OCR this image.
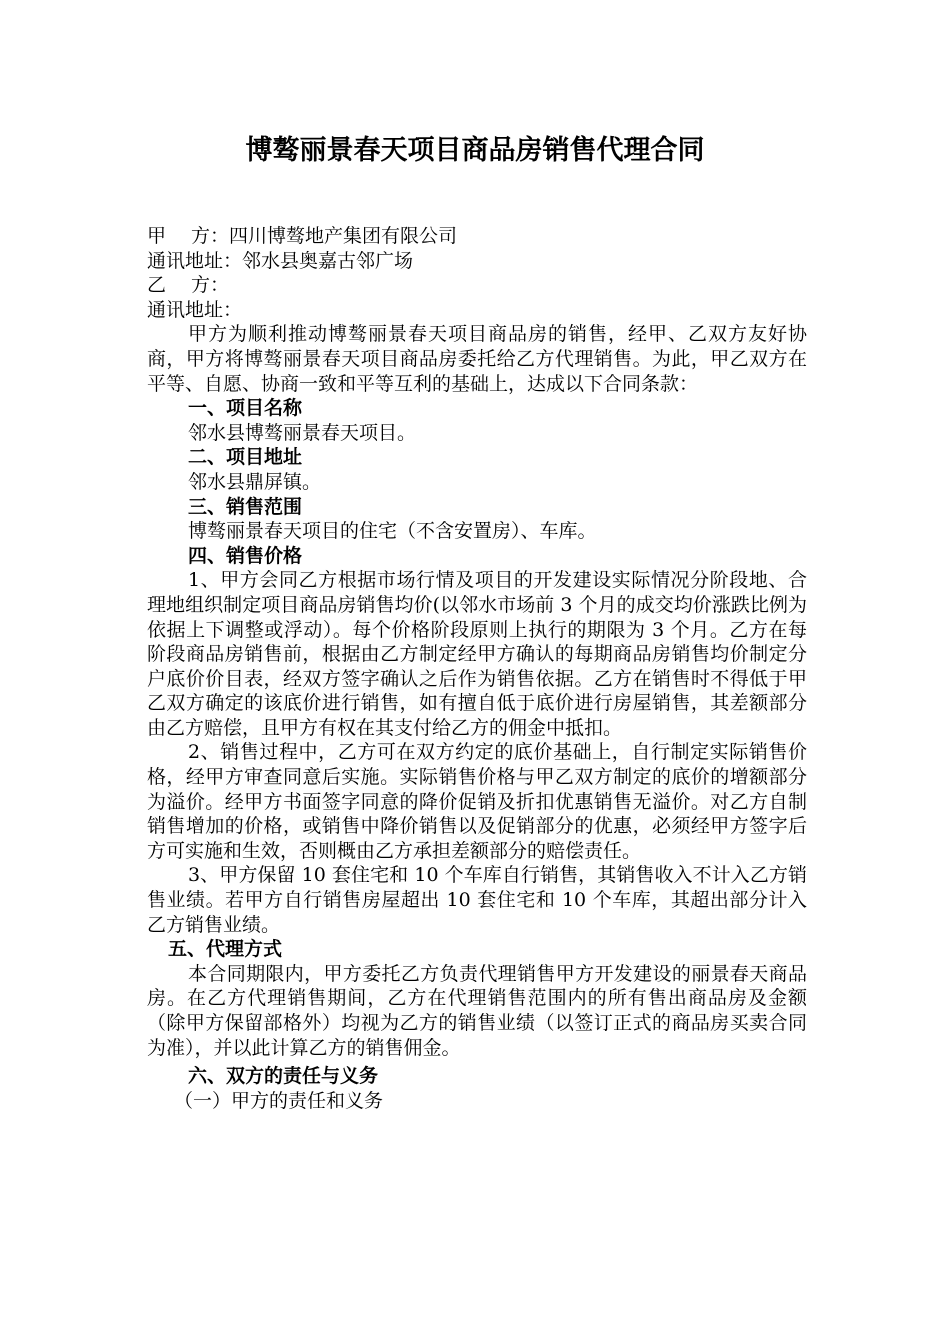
博骜丽景春天项目商品房销售代理合同

甲　 方：四川博骜地产集团有限公司

通讯地址：邻水县奥嘉古邻广场

乙　 方：

通讯地址：

甲方为顺利推动博骜丽景春天项目商品房的销售，经甲、乙双方友好协商，甲方将博骜丽景春天项目商品房委托给乙方代理销售。为此，甲乙双方在平等、自愿、协商一致和平等互利的基础上，达成以下合同条款：

一、项目名称

邻水县博骜丽景春天项目。

二、项目地址

邻水县鼎屏镇。

三、销售范围

博骜丽景春天项目的住宅（不含安置房）、车库。

四、销售价格

1、甲方会同乙方根据市场行情及项目的开发建设实际情况分阶段地、合理地组织制定项目商品房销售均价(以邻水市场前 3 个月的成交均价涨跌比例为依据上下调整或浮动）。每个价格阶段原则上执行的期限为 3 个月。乙方在每阶段商品房销售前，根据由乙方制定经甲方确认的每期商品房销售均价制定分户底价价目表，经双方签字确认之后作为销售依据。乙方在销售时不得低于甲乙双方确定的该底价进行销售，如有擅自低于底价进行房屋销售，其差额部分由乙方赔偿，且甲方有权在其支付给乙方的佣金中抵扣。

2、销售过程中，乙方可在双方约定的底价基础上，自行制定实际销售价格，经甲方审查同意后实施。实际销售价格与甲乙双方制定的底价的增额部分为溢价。经甲方书面签字同意的降价促销及折扣优惠销售无溢价。对乙方自制销售增加的价格，或销售中降价销售以及促销部分的优惠，必须经甲方签字后方可实施和生效，否则概由乙方承担差额部分的赔偿责任。

3、甲方保留 10 套住宅和 10 个车库自行销售，其销售收入不计入乙方销售业绩。若甲方自行销售房屋超出 10 套住宅和 10 个车库，其超出部分计入乙方销售业绩。

五、代理方式

本合同期限内，甲方委托乙方负责代理销售甲方开发建设的丽景春天商品房。在乙方代理销售期间，乙方在代理销售范围内的所有售出商品房及金额（除甲方保留部格外）均视为乙方的销售业绩（以签订正式的商品房买卖合同为准），并以此计算乙方的销售佣金。

六、双方的责任与义务

（一）甲方的责任和义务
